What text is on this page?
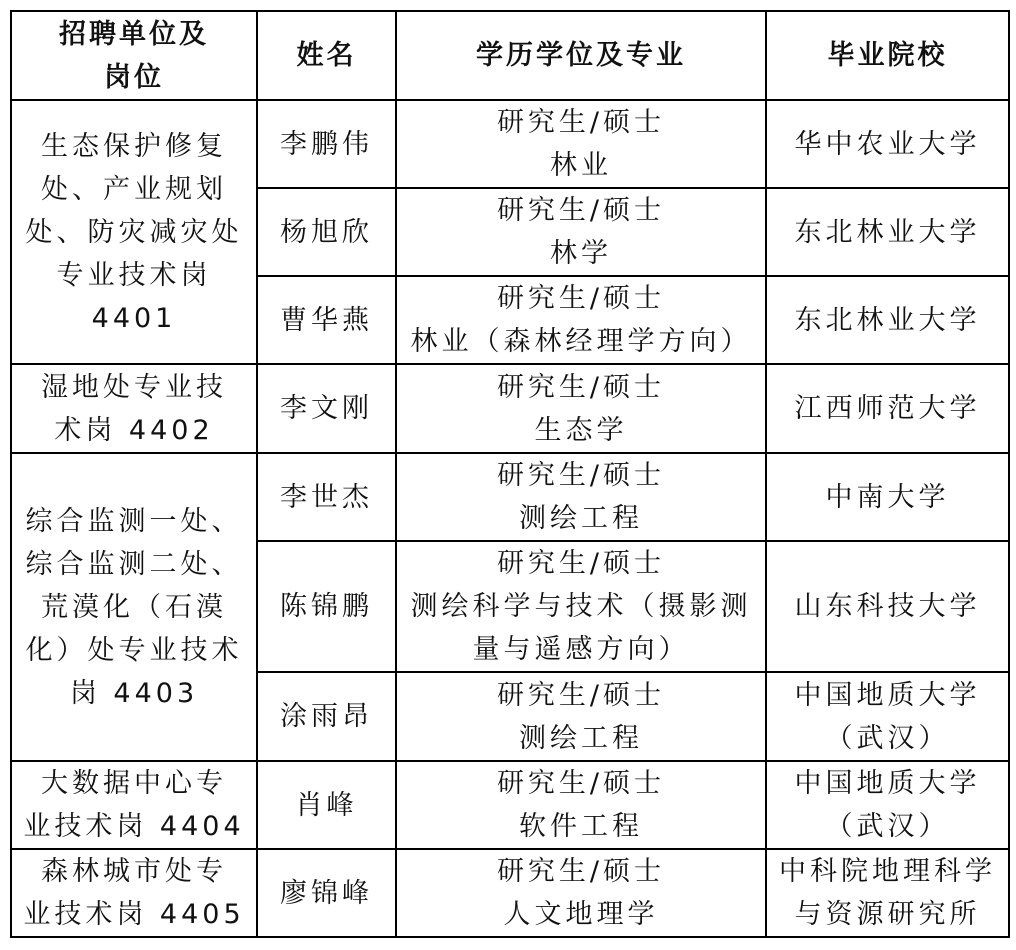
招聘单位及
岗位	姓名	学历学位及专业	毕业院校

生态保护修复
处、产业规划
处、防灾减灾处
专业技术岗
4401	李鹏伟	研究生/硕士
林业	华中农业大学

	杨旭欣	研究生/硕士
林学	东北林业大学

	曹华燕	研究生/硕士
林业（森林经理学方向）	东北林业大学

湿地处专业技
术岗 4402	李文刚	研究生/硕士
生态学	江西师范大学

综合监测一处、
综合监测二处、
荒漠化（石漠
化）处专业技术
岗 4403	李世杰	研究生/硕士
测绘工程	中南大学

	陈锦鹏	研究生/硕士
测绘科学与技术（摄影测
量与遥感方向）	山东科技大学

	涂雨昂	研究生/硕士
测绘工程	中国地质大学
（武汉）

大数据中心专
业技术岗 4404	肖峰	研究生/硕士
软件工程	中国地质大学
（武汉）

森林城市处专
业技术岗 4405	廖锦峰	研究生/硕士
人文地理学	中科院地理科学
与资源研究所
